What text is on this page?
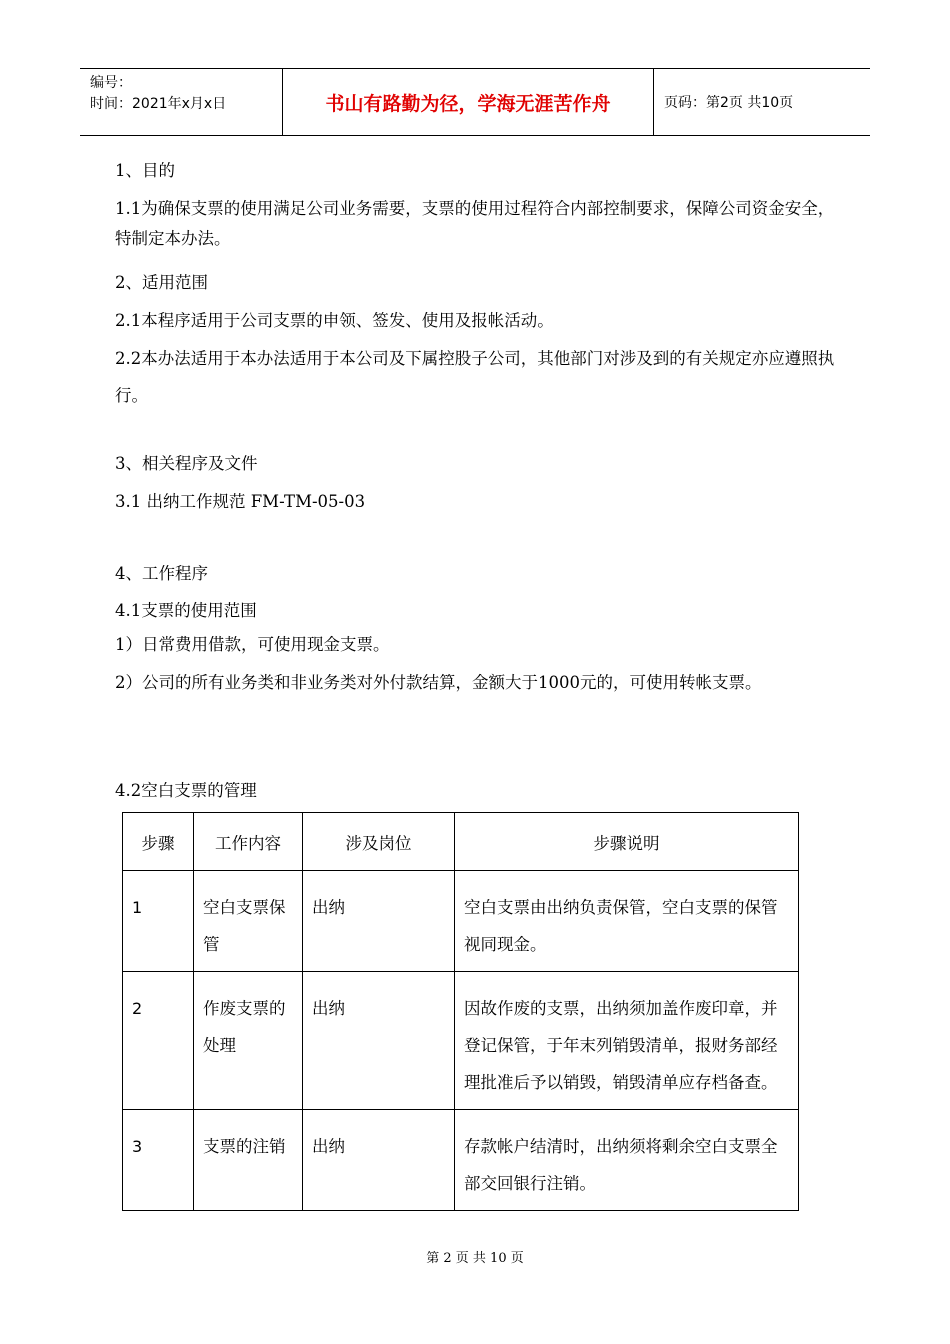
编号：
时间：2021年x月x日	书山有路勤为径，学海无涯苦作舟	页码：第2页 共10页

1、目的

1.1为确保支票的使用满足公司业务需要，支票的使用过程符合内部控制要求，保障公司资金安全，特制定本办法。

2、适用范围

2.1本程序适用于公司支票的申领、签发、使用及报帐活动。

2.2本办法适用于本办法适用于本公司及下属控股子公司，其他部门对涉及到的有关规定亦应遵照执行。

3、相关程序及文件

3.1 出纳工作规范 FM-TM-05-03

4、工作程序

4.1支票的使用范围

1）日常费用借款，可使用现金支票。

2）公司的所有业务类和非业务类对外付款结算，金额大于1000元的，可使用转帐支票。

4.2空白支票的管理

步骤	工作内容	涉及岗位	步骤说明

1	空白支票保管	出纳	空白支票由出纳负责保管，空白支票的保管视同现金。

2	作废支票的处理	出纳	因故作废的支票，出纳须加盖作废印章，并登记保管，于年末列销毁清单，报财务部经理批准后予以销毁，销毁清单应存档备查。

3	支票的注销	出纳	存款帐户结清时，出纳须将剩余空白支票全部交回银行注销。
第 2 页 共 10 页
